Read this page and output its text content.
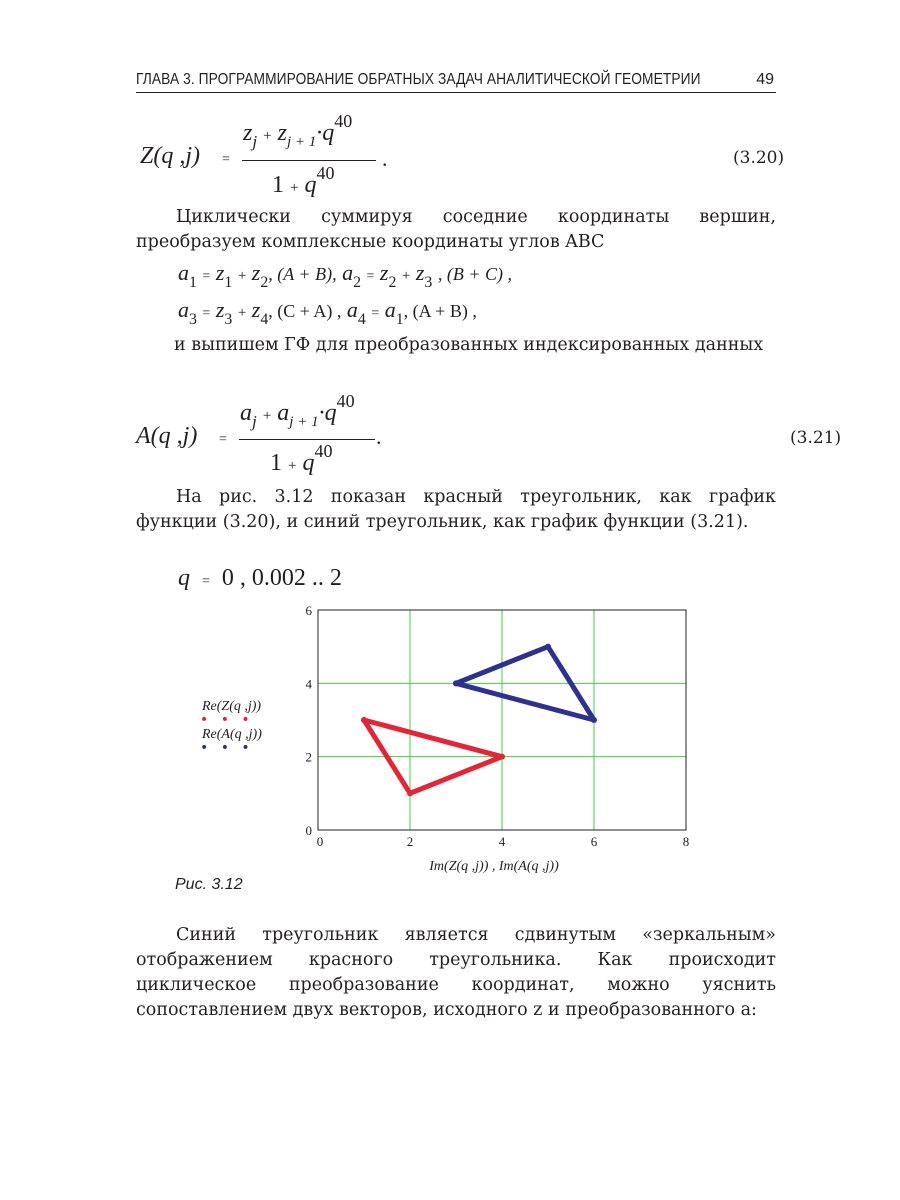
ГЛАВА 3. ПРОГРАММИРОВАНИЕ ОБРАТНЫХ ЗАДАЧ АНАЛИТИЧЕСКОЙ ГЕОМЕТРИИ	49
Z(q ,j) =
$z_j + z_{j + 1}\cdot q^{40}$
$1 + q^{40}$
.	(3.20)

Циклически суммируя соседние координаты вершин, преобразуем комплексные координаты углов ABC

$a_1 = z_1 + z_2$, (A + B), $a_2 = z_2 + z_3$ , (B + C) ,
$a_3 = z_3 + z_4$, (C + A) , $a_4 = a_1$, (A + B) ,

и выпишем ГФ для преобразованных индексированных данных

A(q ,j) =
$a_j + a_{j + 1}\cdot q^{40}$
$1 + q^{40}$
.	(3.21)

На рис. 3.12 показан красный треугольник, как график функции (3.20), и синий треугольник, как график функции (3.21).

q = 0 , 0.002 .. 2
0	2	4	6	8
0
2
4
6
Im(Z(q ,j)) , Im(A(q ,j))
Re(Z(q ,j))
• • •
Re(A(q ,j))
• • •
Рис. 3.12

Синий треугольник является сдвинутым «зеркальным» отображением красного треугольника. Как происходит циклическое преобразование координат, можно уяснить сопоставлением двух векторов, исходного z и преобразованного a:
